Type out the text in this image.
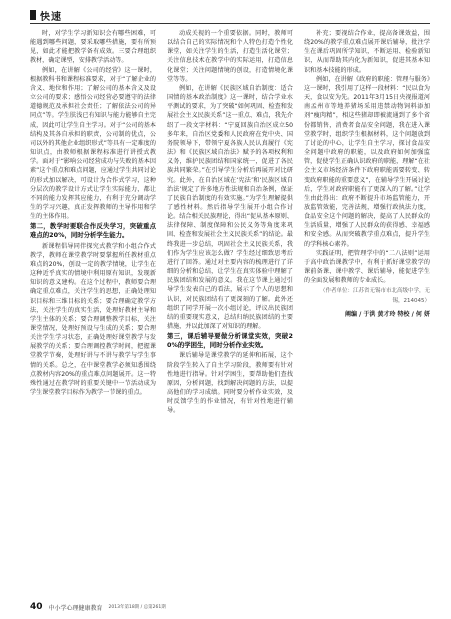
快速

时，对学生学习新知识会有哪些困难，可能遇到哪些问题，要采取哪些措施，要有所预见，如此才能把教学备有成效。三要合理组织教材，确定课型，安排教学活动等。

例如，在讲解《公司的经营》这一课时，根据教科书和课程标准要求，对于“了解企业的含义、地位和作用；了解公司的基本含义及设立公司的要求；感悟公司经营必要遵守的法律道德规范及承担社会责任；了解依法公司的异同点”等。学生肤浅已有知识与能力能够自主完成，因此可让学生自主学习。对于“公司的基本结构及其各自承担的职责，公司制的优点，公司以外的其他企业组织形式”等具有一定难度的知识点，由教师根据课程标准进行讲授式教学。面对于“影响公司经营成功与失败的基本因素”这个重点和难点问题，应通过学生共同讨论的形式加以解决，可设计为合作式学习，这种分层次的教学设计方式让学生实际能力，都让不同的能力发挥其应能力，有利于充分调动学生的学习兴趣，真正发挥教师的主导作用和学生的主体作用。

第二，教学时要联合作反失学习，突破重点难点的20%，同时分析学生能力。

新课程倡导同伴探究式教学和小组合作式教学，教师在课堂教学时要掌握所任教材重点难点的20%，创设一定的教学情境，让学生在这种近乎真实的情境中利用原有知识，发现新知识的意义建构。在这个过程中，教师要合理确定重点难点，关注学生的思想，正确处理知识目标和三维目标的关系；要合理确定教学方法，关注学生的真实生活，处理好教材主导和学生主体的关系；要合理调整教学目标，关注课堂情况，处理好预设与生成的关系；要合理关注学生学习状态，正确处理好课堂教学与发展教学的关系；要合理调控教学时间，把握课堂教学节奏，处理好讲与不讲与教学与学生事情的关系。总之，在中课堂教学必须知悉围绕点教材内容20%的重点难点问题展开。这一特殊性通过在教学时的重要关键中一节活动成为学生课堂教学目标作为教学一节课的重点。

动成关视的一个重要依据。同时，教师可以结合自己的实际情况和个人特色打造个性化课堂，如关注学生的生活，打造生活化课堂；关注信息技术在教学中的实际运用，打造信息化课堂；关注问题情境的创设，打造情境化课堂等等。

例如，在讲解《民族区域自治制度：适合国情的基本政治制度》这一课时，结合学业水平测试的要求，为了突破“如何巩固、检查和发展社会主义民族关系”这一重点、难点，我先介绍了一段文字材料：“宁夏回族自治区成立50多年来，自治区党委和人民政府在党中央、国务院领导下，带领宁夏各族人民认真履行《宪法》和《民族区域自治法》赋予的各项权利和义务，维护民族团结和国家统一，促进了各民族共同繁荣。”在引导学生分析后再展开对比研究。此外，在自治区域在‘宪法’和‘民族区域自治法’规定了许多地方性法规和自治条例，保证了民族自治制度的有效实施。”为学生理解提供了感性材料。然后指导学生展开小组合作讨论。结合相关民族理论，得出“促从基本原则、法律保障、制度保障和公民义务等角度来巩固、检查和发展社会主义民族关系”的结论。最终我进一步总结，巩固社会主义民族关系，我们作为学生应该怎么做？学生经过细致思考后进行了回答。通过对主要内容的梳理进行了详细的分析和总结，让学生在真实体验中理解了民族团结和发展的意义。我在这节课上通过引导学生发表自己的看法，展示了个人的思想和认识，对民族团结有了更深刻的了解。此外还组织了同学开展一次小组讨论，评议出民族团结的重要现实意义，总结归纳民族团结的主要措施，并以此加深了对知识的理解。

第三，课后辅导要做分析课堂实效，突破20%的学困生，同时分析作业实效。

课后辅导是课堂教学的延伸和拓展，这个阶段学生转入了自主学习阶段，教师要有针对性地进行指导。针对学困生，要帮助他们查找原因，分析问题，找到解决问题的方法，以提高他们的学习成绩。同时要分析作业实效，及时反馈学生的作业情况，有针对性地进行辅导。

补充；要视结合作业，提高备课效益，围绕20%的教学重点难点展开课后辅导，批注学生在课后巩固所学知识，不断运用、检验新知识，从而帮助其内化为新知识，促进其基本知识和基本技能的形成。

例如，在讲解《政府的职能：管理与服务》这一课时，我引用了这样一段材料：“民以食为天，食以安为先。2011年3月15日央视报道河南孟州市等地养猪场采用违禁动物饲料添加剂“瘦肉精”，相这些猪却即被流通到了多个省份都销售，消费者食品安全问题，我在进入课堂教学时，组织学生根据材料，这个问题放到了讨论的中心，让学生自主学习，探讨食品安全问题中政府的职能，以及政府如何加强监管，促使学生正确认识政府的职能，理解“在社会主义市场经济条件下政府职能需要转变、转变政府职能的重要意义”，在辅导学生开展讨论后，学生对政府职能有了更深入的了解。”让学生由此得出：政府不断提升市场监管能力，开放监管效能，完善法规，增强行政执法力度，食品安全这个问题的解决，提高了人民群众的生活质量，增强了人民群众的获得感、幸福感和安全感。从而突破教学重点难点，提升学生的学科核心素养。

实践证明，把管理学中的“二八法则”运用于高中政治课教学中，有利于抓好课堂教学的课前备课、课中教学、课后辅导，能促进学生的全面发展和教师的专业成长。

（作者单位：江苏省无锡市市北高级中学，无锡，214045）

阐编 / 于洪 黄才玲 特校 / 何 妍

40 中小学心理健康教育 2013年第18期 / 总第261期
